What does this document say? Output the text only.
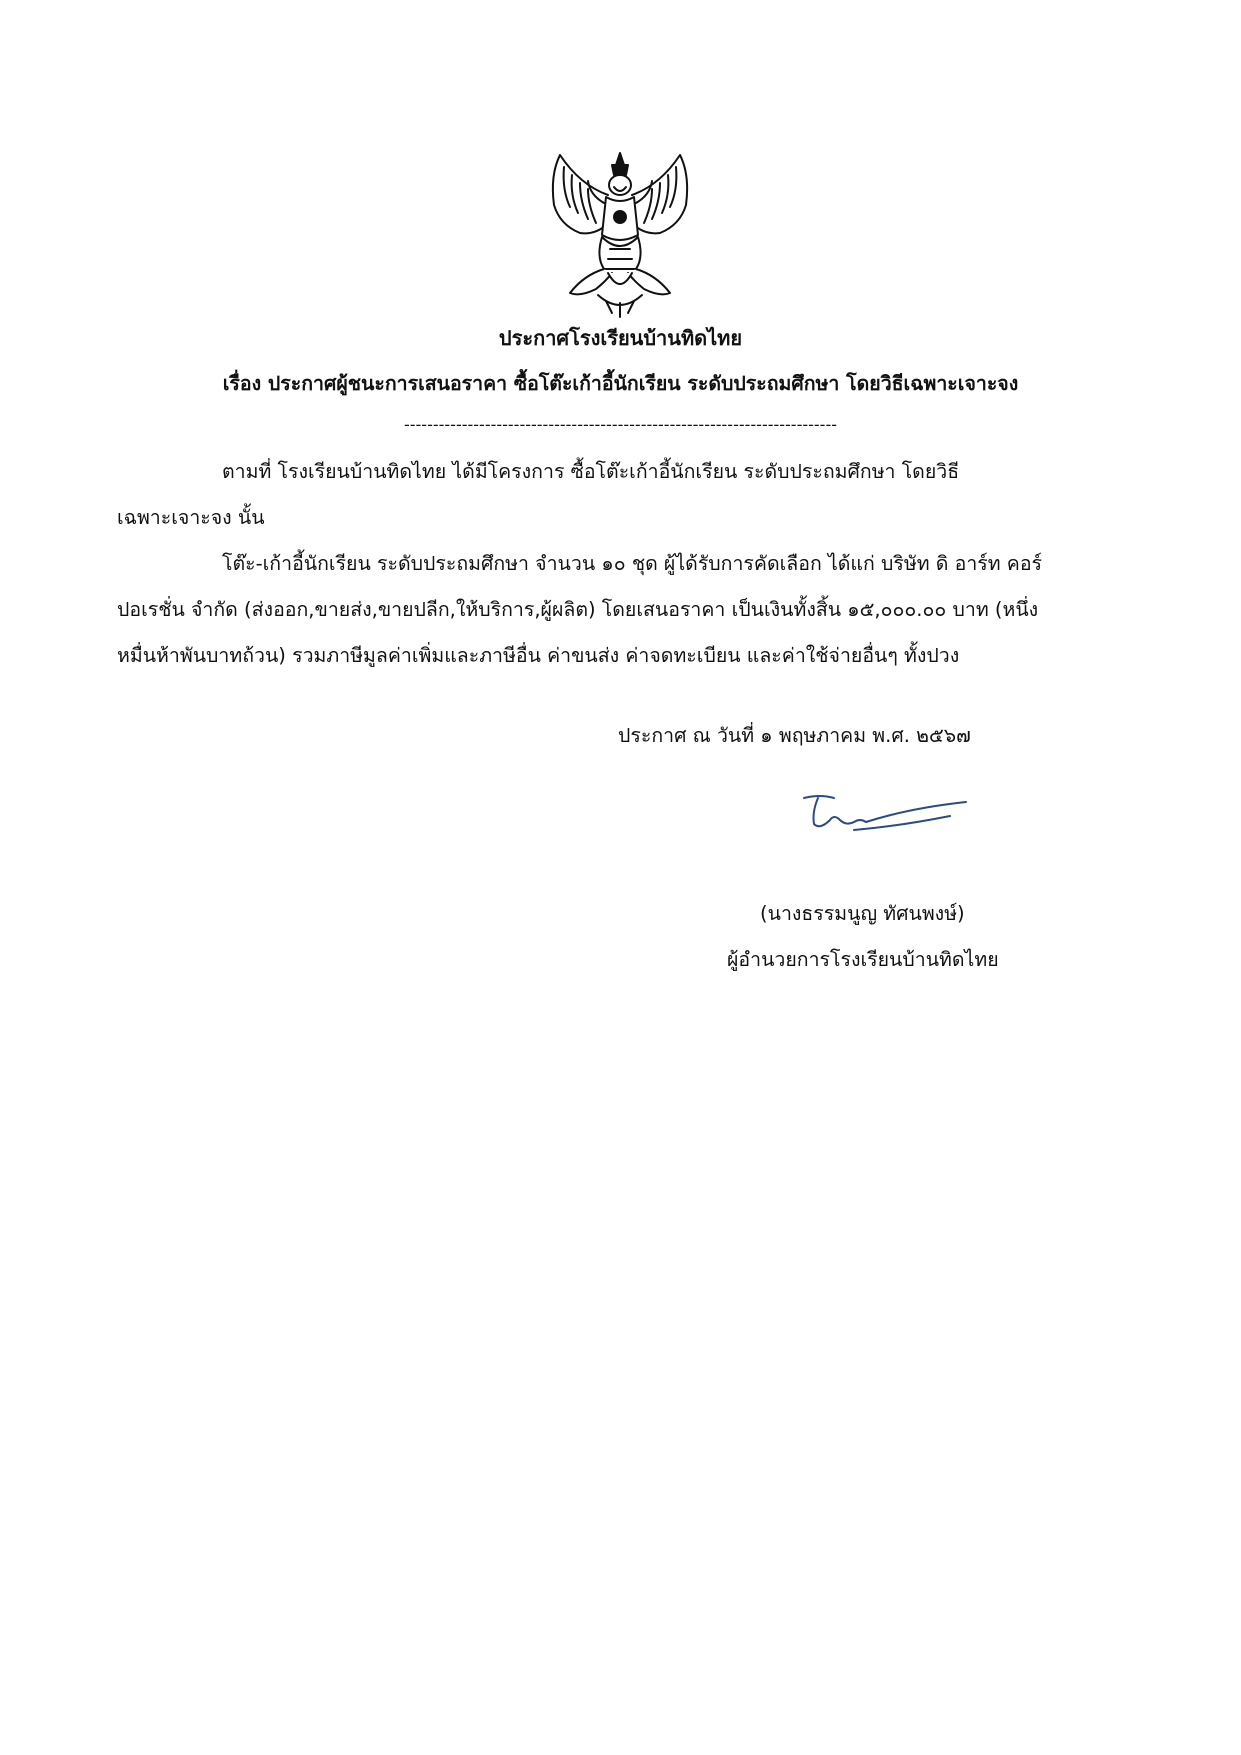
ประกาศโรงเรียนบ้านทิดไทย
เรื่อง ประกาศผู้ชนะการเสนอราคา ซื้อโต๊ะเก้าอี้นักเรียน ระดับประถมศึกษา โดยวิธีเฉพาะเจาะจง
---------------------------------------------------------------------------
ตามที่ โรงเรียนบ้านทิดไทย ได้มีโครงการ ซื้อโต๊ะเก้าอี้นักเรียน ระดับประถมศึกษา โดยวิธี
เฉพาะเจาะจง นั้น
โต๊ะ-เก้าอี้นักเรียน ระดับประถมศึกษา จำนวน ๑๐ ชุด ผู้ได้รับการคัดเลือก ได้แก่ บริษัท ดิ อาร์ท คอร์
ปอเรชั่น จำกัด (ส่งออก,ขายส่ง,ขายปลีก,ให้บริการ,ผู้ผลิต) โดยเสนอราคา เป็นเงินทั้งสิ้น ๑๕,๐๐๐.๐๐ บาท (หนึ่ง
หมื่นห้าพันบาทถ้วน) รวมภาษีมูลค่าเพิ่มและภาษีอื่น ค่าขนส่ง ค่าจดทะเบียน และค่าใช้จ่ายอื่นๆ ทั้งปวง
ประกาศ ณ วันที่ ๑ พฤษภาคม พ.ศ. ๒๕๖๗
(นางธรรมนูญ ทัศนพงษ์)
ผู้อำนวยการโรงเรียนบ้านทิดไทย
